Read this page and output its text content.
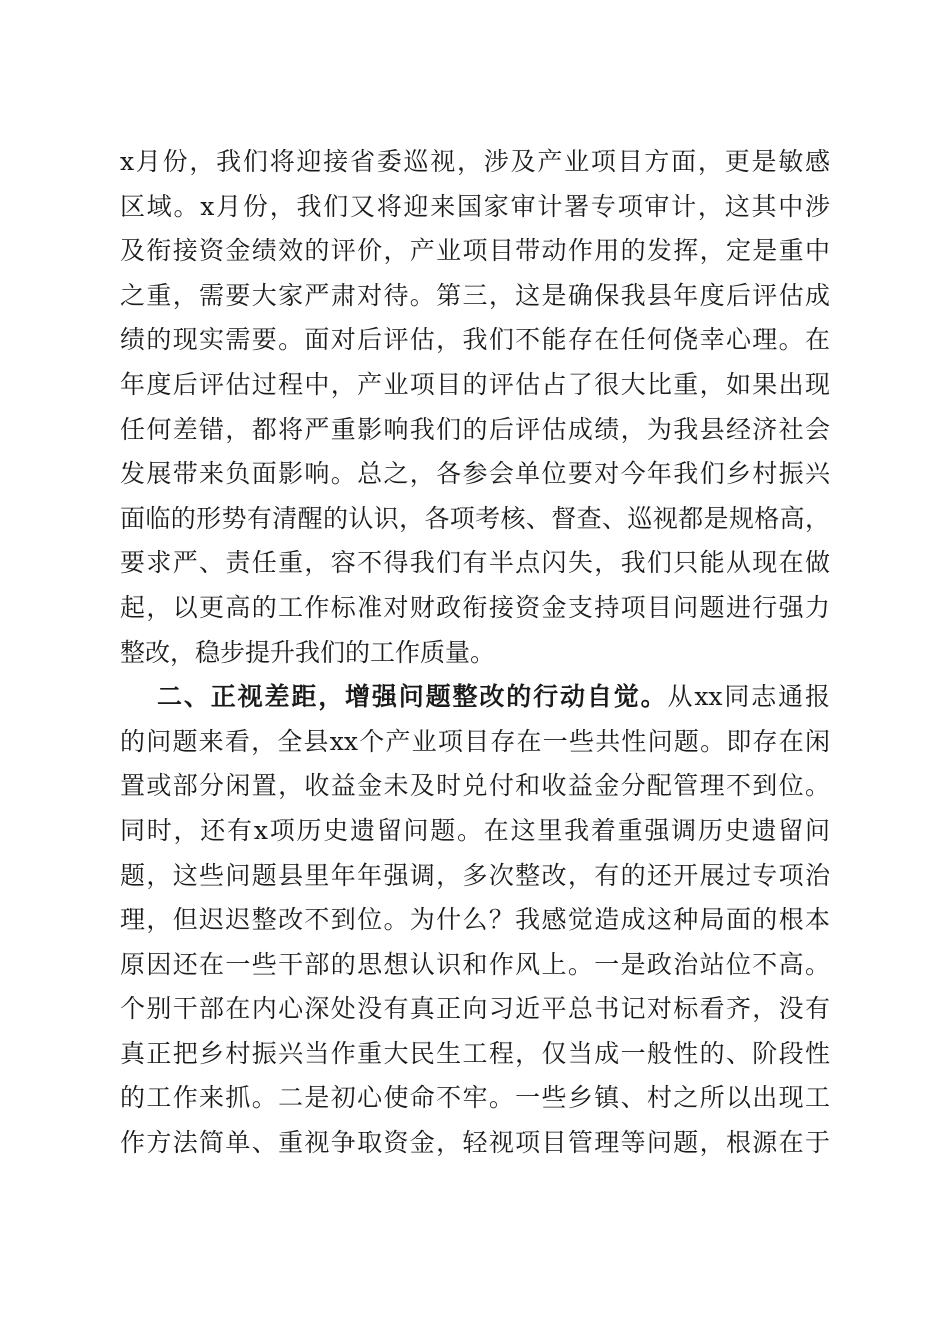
x月份，我们将迎接省委巡视，涉及产业项目方面，更是敏感
区域。x月份，我们又将迎来国家审计署专项审计，这其中涉
及衔接资金绩效的评价，产业项目带动作用的发挥，定是重中
之重，需要大家严肃对待。第三，这是确保我县年度后评估成
绩的现实需要。面对后评估，我们不能存在任何侥幸心理。在
年度后评估过程中，产业项目的评估占了很大比重，如果出现
任何差错，都将严重影响我们的后评估成绩，为我县经济社会
发展带来负面影响。总之，各参会单位要对今年我们乡村振兴
面临的形势有清醒的认识，各项考核、督查、巡视都是规格高，
要求严、责任重，容不得我们有半点闪失，我们只能从现在做
起，以更高的工作标准对财政衔接资金支持项目问题进行强力
整改，稳步提升我们的工作质量。
二、正视差距，增强问题整改的行动自觉。从xx同志通报
的问题来看，全县xx个产业项目存在一些共性问题。即存在闲
置或部分闲置，收益金未及时兑付和收益金分配管理不到位。
同时，还有x项历史遗留问题。在这里我着重强调历史遗留问
题，这些问题县里年年强调，多次整改，有的还开展过专项治
理，但迟迟整改不到位。为什么？我感觉造成这种局面的根本
原因还在一些干部的思想认识和作风上。一是政治站位不高。
个别干部在内心深处没有真正向习近平总书记对标看齐，没有
真正把乡村振兴当作重大民生工程，仅当成一般性的、阶段性
的工作来抓。二是初心使命不牢。一些乡镇、村之所以出现工
作方法简单、重视争取资金，轻视项目管理等问题，根源在于
